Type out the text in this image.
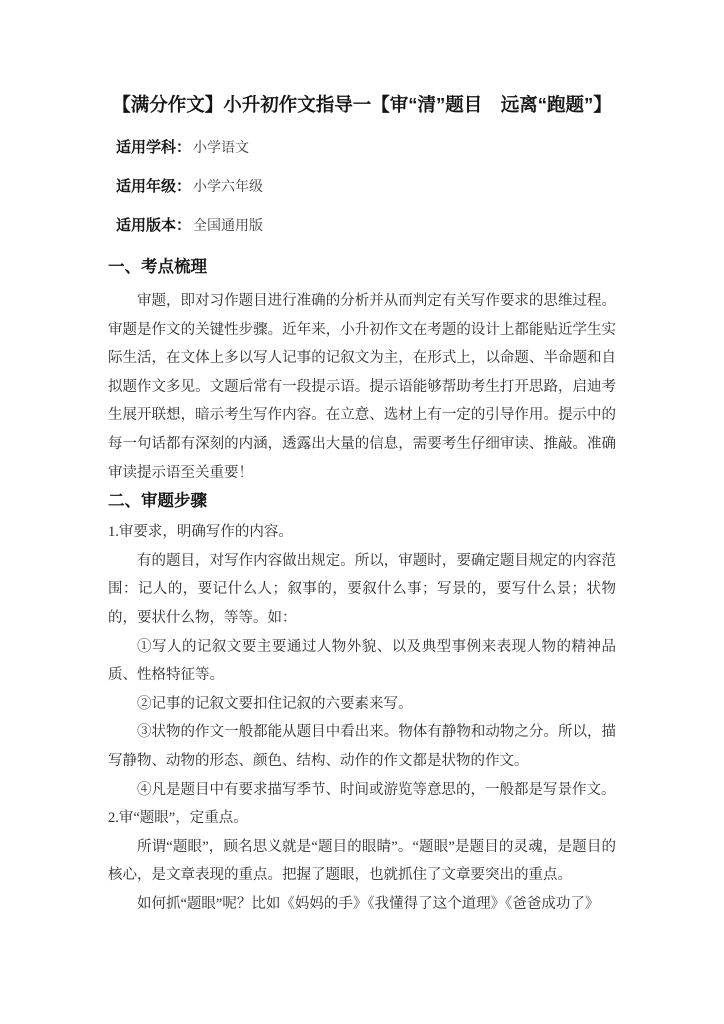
【满分作文】小升初作文指导一【审“清”题目　远离“跑题”】
适用学科： 小学语文
适用年级： 小学六年级
适用版本： 全国通用版
一、考点梳理

审题，即对习作题目进行准确的分析并从而判定有关写作要求的思维过程。审题是作文的关键性步骤。近年来，小升初作文在考题的设计上都能贴近学生实际生活，在文体上多以写人记事的记叙文为主，在形式上，以命题、半命题和自拟题作文多见。文题后常有一段提示语。提示语能够帮助考生打开思路，启迪考生展开联想，暗示考生写作内容。在立意、选材上有一定的引导作用。提示中的每一句话都有深刻的内涵，透露出大量的信息，需要考生仔细审读、推敲。准确审读提示语至关重要！

二、审题步骤

1.审要求，明确写作的内容。

有的题目，对写作内容做出规定。所以，审题时，要确定题目规定的内容范围：记人的，要记什么人；叙事的，要叙什么事；写景的，要写什么景；状物的，要状什么物，等等。如：

①写人的记叙文要主要通过人物外貌、以及典型事例来表现人物的精神品质、性格特征等。

②记事的记叙文要扣住记叙的六要素来写。

③状物的作文一般都能从题目中看出来。物体有静物和动物之分。所以，描写静物、动物的形态、颜色、结构、动作的作文都是状物的作文。

④凡是题目中有要求描写季节、时间或游览等意思的，一般都是写景作文。

2.审“题眼”，定重点。

所谓“题眼”，顾名思义就是“题目的眼睛”。“题眼”是题目的灵魂，是题目的核心，是文章表现的重点。把握了题眼，也就抓住了文章要突出的重点。

如何抓“题眼”呢？比如《妈妈的手》《我懂得了这个道理》《爸爸成功了》
